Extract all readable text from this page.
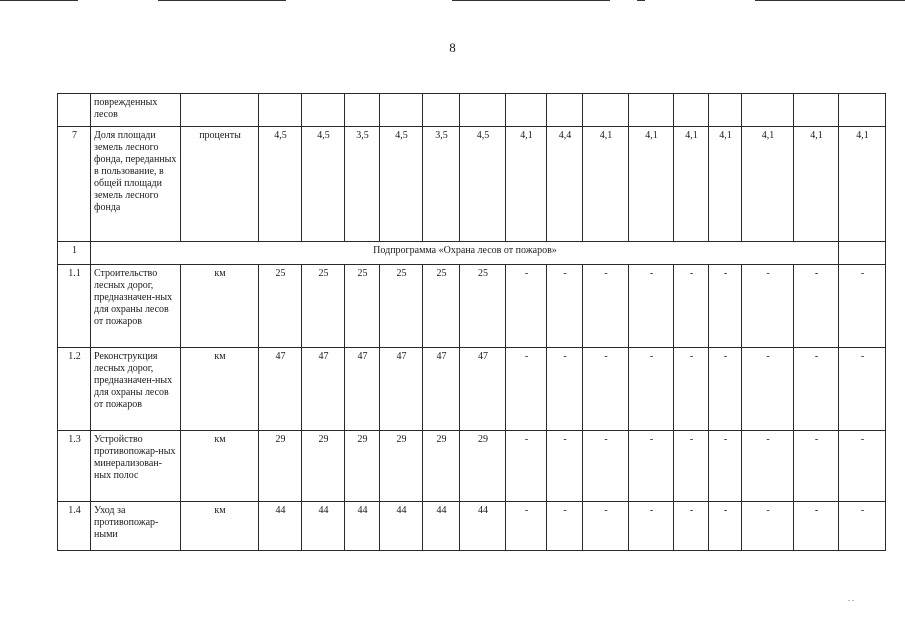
8
	поврежденных лесов																
7	Доля площади земель лесного фонда, переданных в пользование, в общей площади земель лесного фонда	проценты	4,5	4,5	3,5	4,5	3,5	4,5	4,1	4,4	4,1	4,1	4,1	4,1	4,1	4,1	4,1
1	Подпрограмма «Охрана лесов от пожаров»																
1.1	Строительство лесных дорог, предназначен-ных для охраны лесов от пожаров	км	25	25	25	25	25	25	-	-	-	-	-	-	-	-	-
1.2	Реконструкция лесных дорог, предназначен-ных для охраны лесов от пожаров	км	47	47	47	47	47	47	-	-	-	-	-	-	-	-	-
1.3	Устройство противопожар-ных минерализован-ных полос	км	29	29	29	29	29	29	-	-	-	-	-	-	-	-	-
1.4	Уход за противопожар-ными	км	44	44	44	44	44	44	-	-	-	-	-	-	-	-	-
. .
